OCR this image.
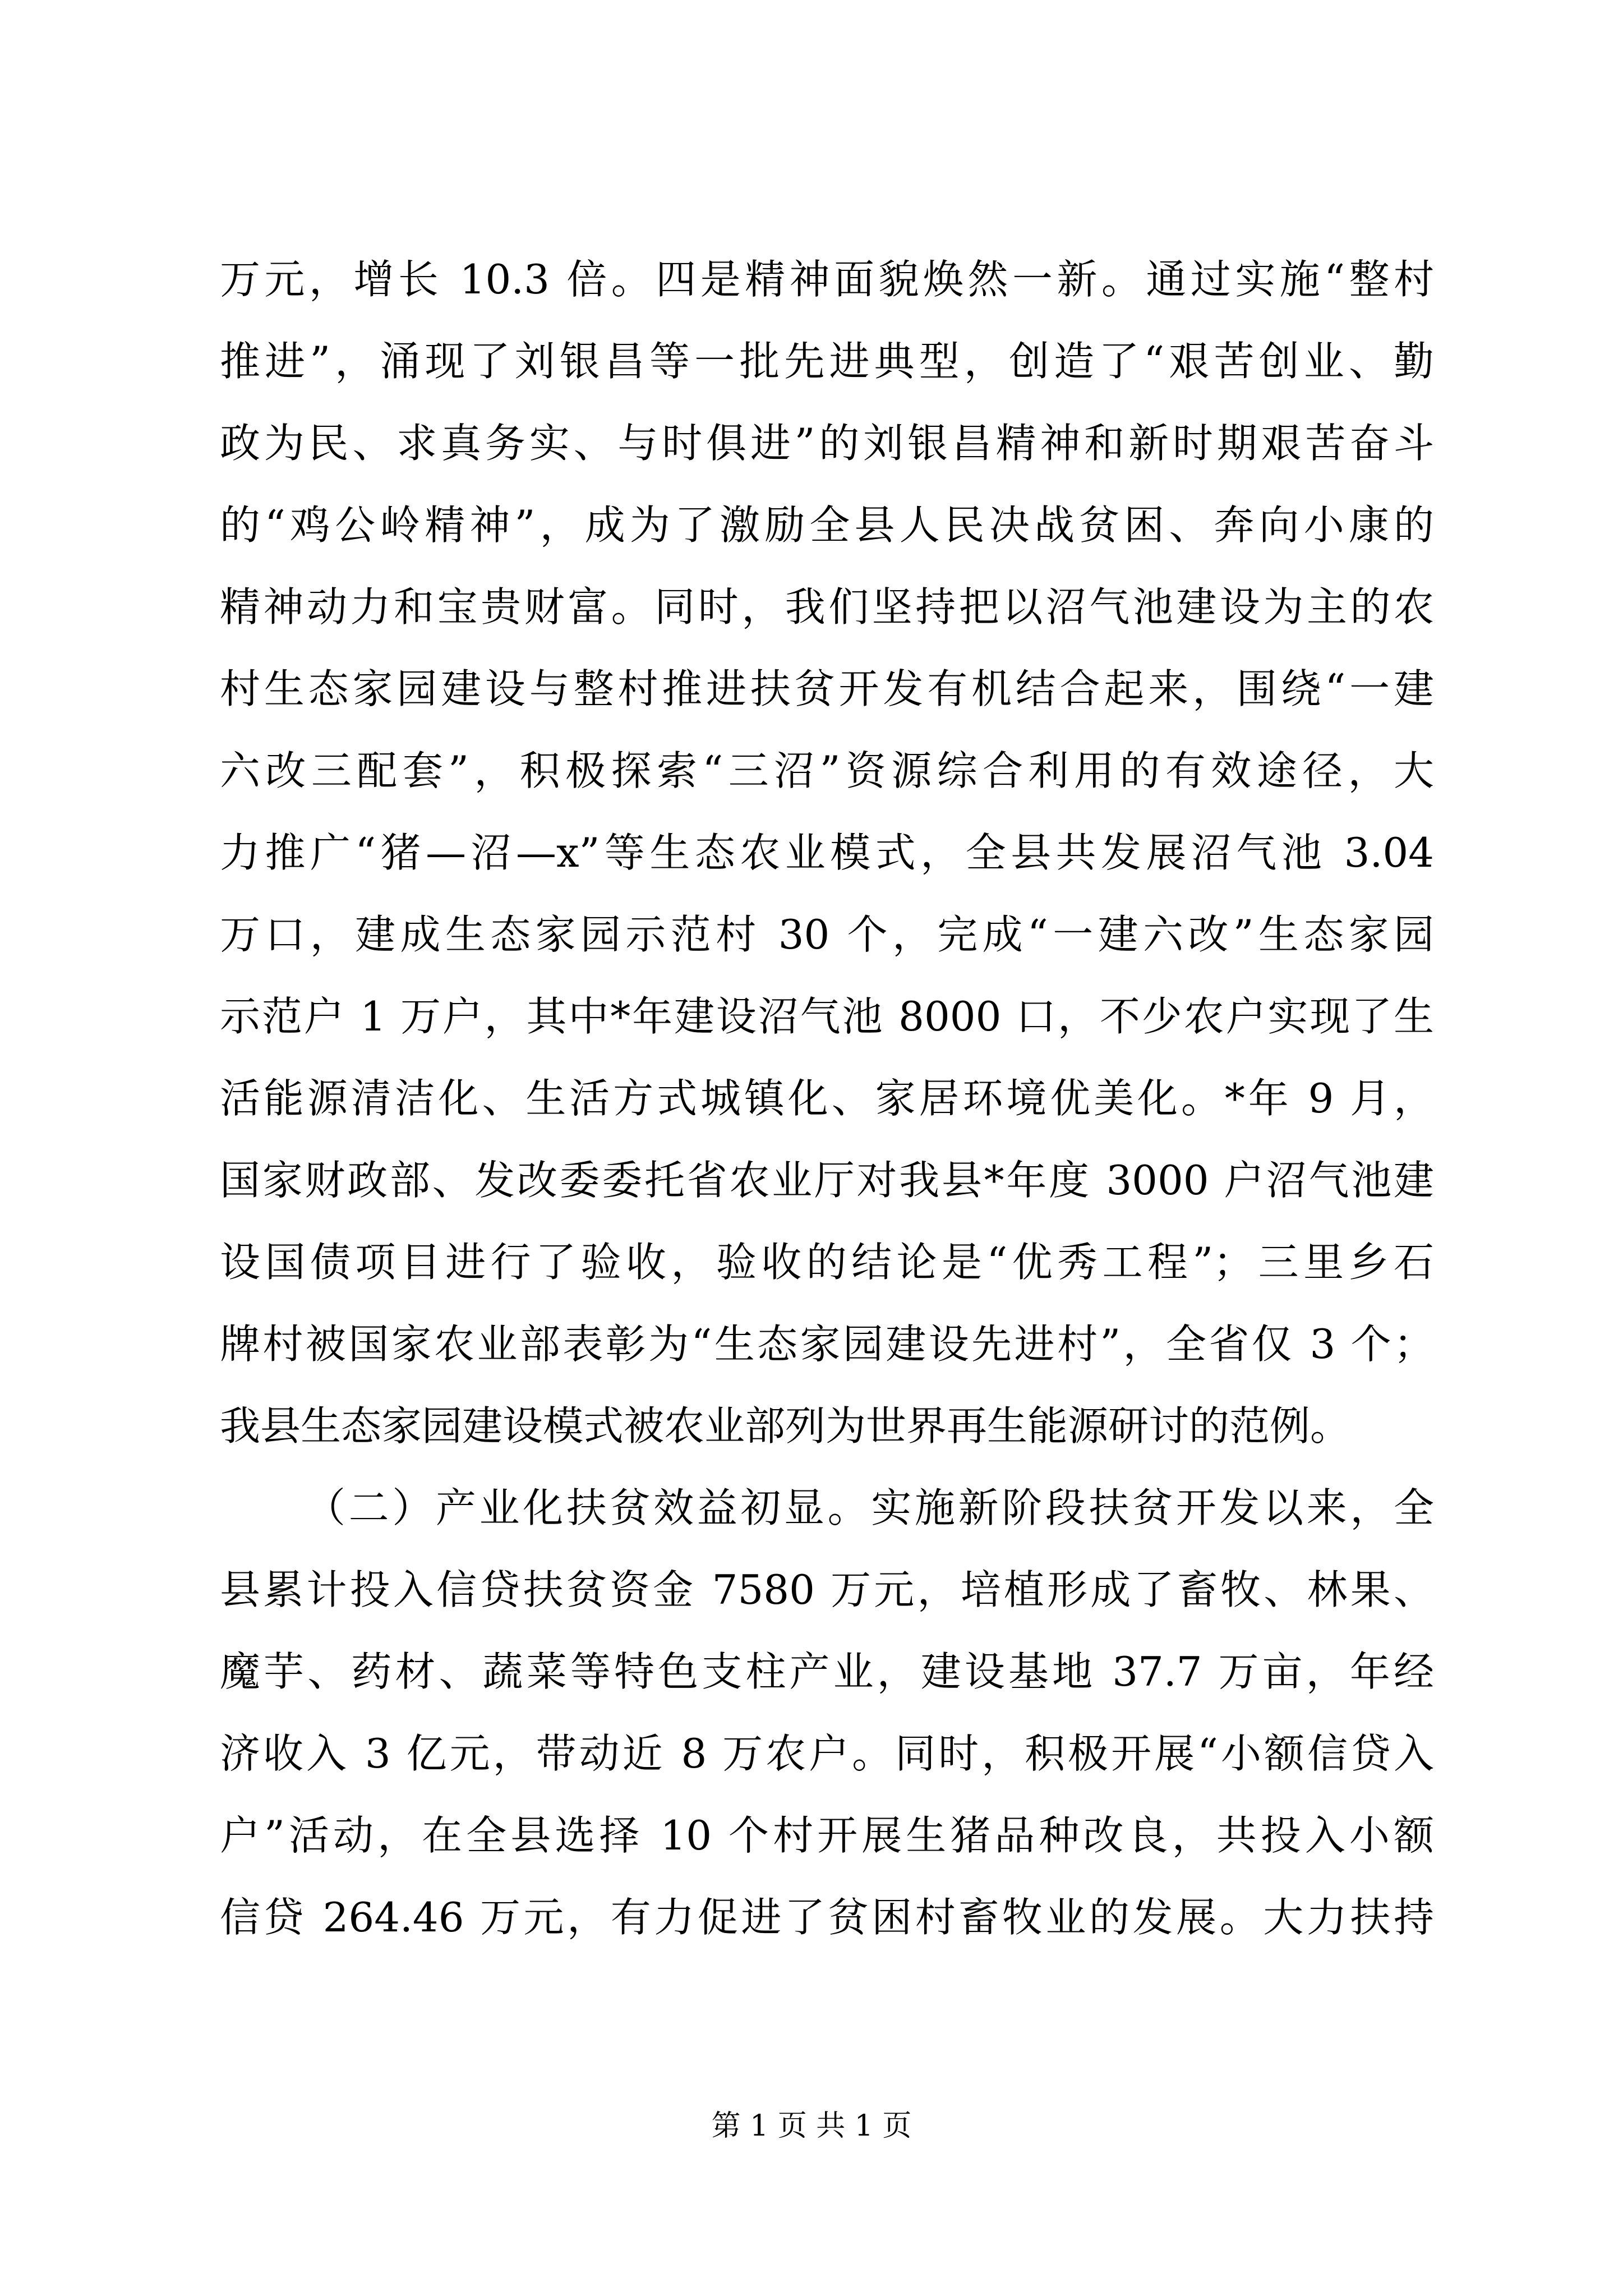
万元，增长 10.3 倍。四是精神面貌焕然一新。通过实施“整村
推进”，涌现了刘银昌等一批先进典型，创造了“艰苦创业、勤
政为民、求真务实、与时俱进”的刘银昌精神和新时期艰苦奋斗
的“鸡公岭精神”，成为了激励全县人民决战贫困、奔向小康的
精神动力和宝贵财富。同时，我们坚持把以沼气池建设为主的农
村生态家园建设与整村推进扶贫开发有机结合起来，围绕“一建
六改三配套”，积极探索“三沼”资源综合利用的有效途径，大
力推广“猪—沼—x”等生态农业模式，全县共发展沼气池 3.04
万口，建成生态家园示范村 30 个，完成“一建六改”生态家园
示范户 1 万户，其中*年建设沼气池 8000 口，不少农户实现了生
活能源清洁化、生活方式城镇化、家居环境优美化。*年 9 月，
国家财政部、发改委委托省农业厅对我县*年度 3000 户沼气池建
设国债项目进行了验收，验收的结论是“优秀工程”；三里乡石
牌村被国家农业部表彰为“生态家园建设先进村”，全省仅 3 个；
我县生态家园建设模式被农业部列为世界再生能源研讨的范例。
（二）产业化扶贫效益初显。实施新阶段扶贫开发以来，全
县累计投入信贷扶贫资金 7580 万元，培植形成了畜牧、林果、
魔芋、药材、蔬菜等特色支柱产业，建设基地 37.7 万亩，年经
济收入 3 亿元，带动近 8 万农户。同时，积极开展“小额信贷入
户”活动，在全县选择 10 个村开展生猪品种改良，共投入小额
信贷 264.46 万元，有力促进了贫困村畜牧业的发展。大力扶持
第 1 页 共 1 页
